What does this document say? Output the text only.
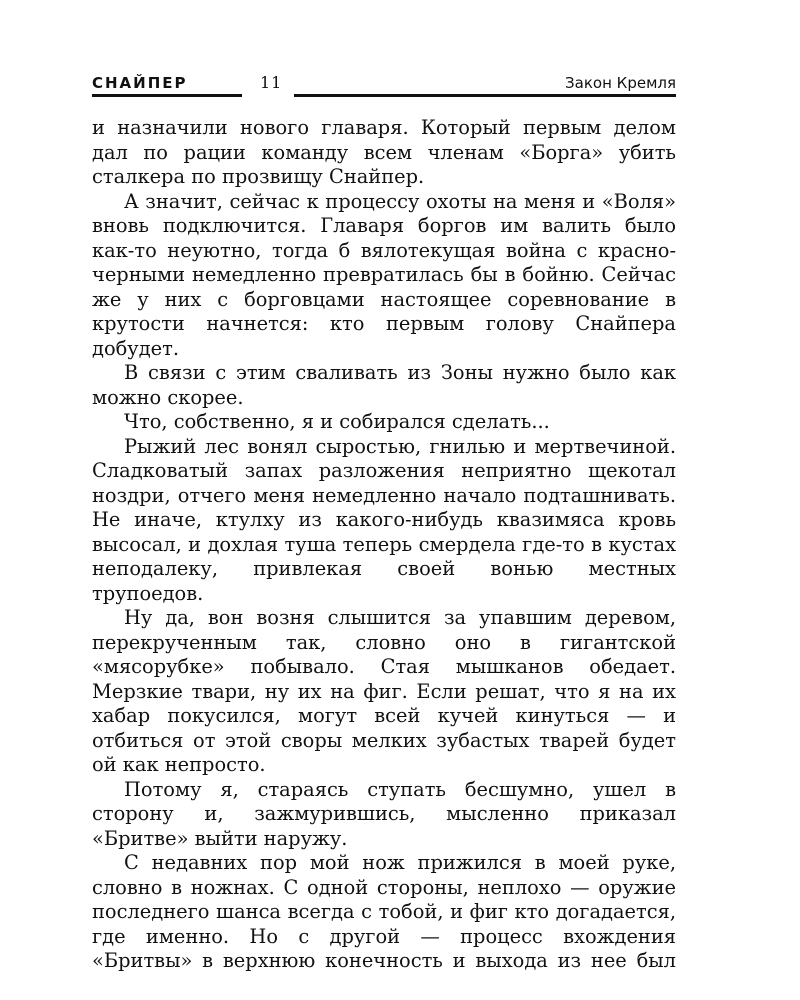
СНАЙПЕР	11	Закон Кремля

и назначили нового главаря. Который первым делом дал по рации команду всем членам «Борга» убить сталкера по прозвищу Снайпер.

А значит, сейчас к процессу охоты на меня и «Воля» вновь подключится. Главаря боргов им валить было как-то неуютно, тогда б вялотекущая война с красно-черными немедленно превратилась бы в бойню. Сейчас же у них с борговцами настоящее соревнование в крутости начнется: кто первым голову Снайпера добудет.

В связи с этим сваливать из Зоны нужно было как можно скорее.

Что, собственно, я и собирался сделать...

Рыжий лес вонял сыростью, гнилью и мертвечиной. Сладковатый запах разложения неприятно щекотал ноздри, отчего меня немедленно начало подташнивать. Не иначе, ктулху из какого-нибудь квазимяса кровь высосал, и дохлая туша теперь смердела где-то в кустах неподалеку, привлекая своей вонью местных трупоедов.

Ну да, вон возня слышится за упавшим деревом, перекрученным так, словно оно в гигантской «мясорубке» побывало. Стая мышканов обедает. Мерзкие твари, ну их на фиг. Если решат, что я на их хабар покусился, могут всей кучей кинуться — и отбиться от этой своры мелких зубастых тварей будет ой как непросто.

Потому я, стараясь ступать бесшумно, ушел в сторону и, зажмурившись, мысленно приказал «Бритве» выйти наружу.

С недавних пор мой нож прижился в моей руке, словно в ножнах. С одной стороны, неплохо — оружие последнего шанса всегда с тобой, и фиг кто догадается, где именно. Но с другой — процесс вхождения «Бритвы» в верхнюю конечность и выхода из нее был
